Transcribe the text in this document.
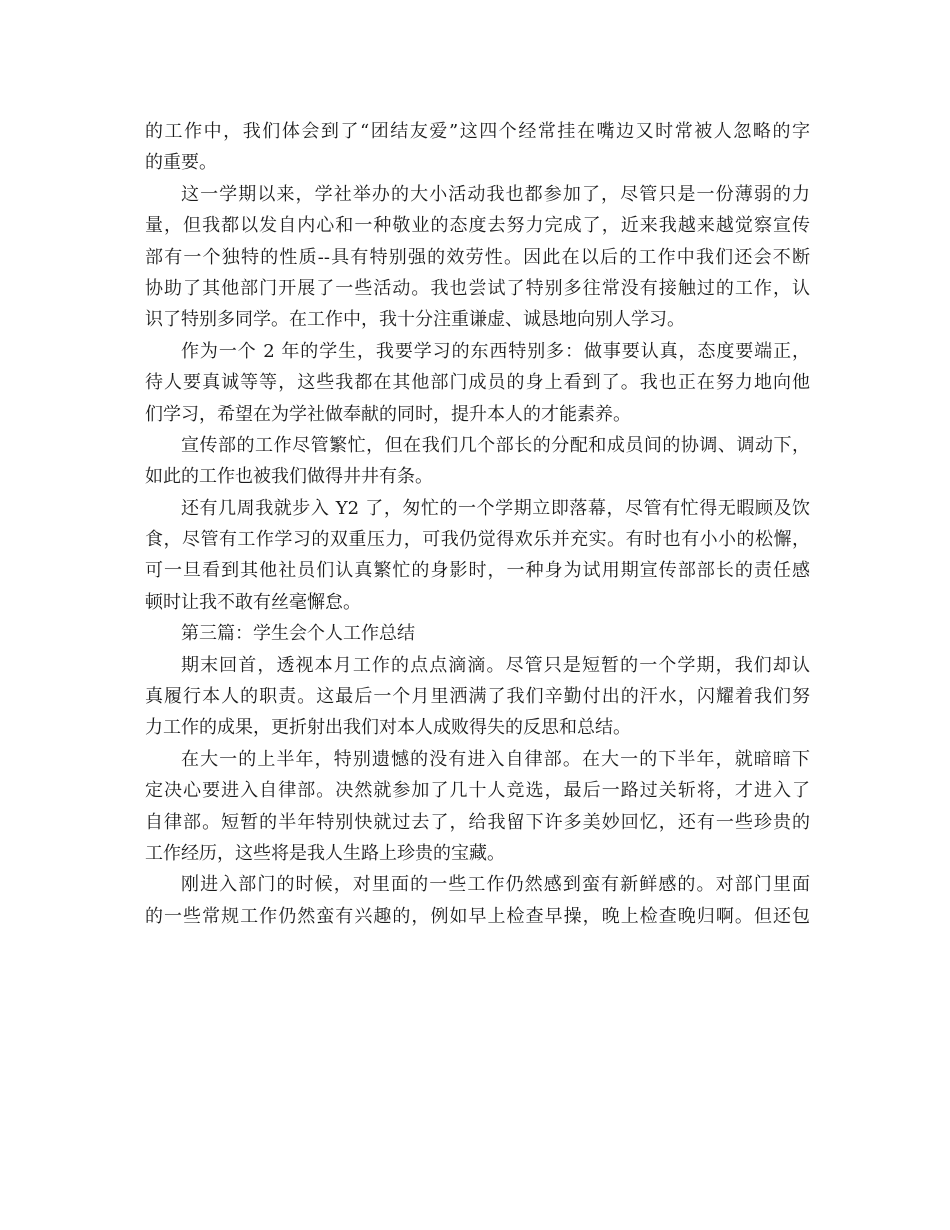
的工作中，我们体会到了“团结友爱”这四个经常挂在嘴边又时常被人忽略的字
的重要。
这一学期以来，学社举办的大小活动我也都参加了，尽管只是一份薄弱的力
量，但我都以发自内心和一种敬业的态度去努力完成了，近来我越来越觉察宣传
部有一个独特的性质--具有特别强的效劳性。因此在以后的工作中我们还会不断
协助了其他部门开展了一些活动。我也尝试了特别多往常没有接触过的工作，认
识了特别多同学。在工作中，我十分注重谦虚、诚恳地向别人学习。
作为一个 2 年的学生，我要学习的东西特别多：做事要认真，态度要端正，
待人要真诚等等，这些我都在其他部门成员的身上看到了。我也正在努力地向他
们学习，希望在为学社做奉献的同时，提升本人的才能素养。
宣传部的工作尽管繁忙，但在我们几个部长的分配和成员间的协调、调动下，
如此的工作也被我们做得井井有条。
还有几周我就步入 Y2 了，匆忙的一个学期立即落幕，尽管有忙得无暇顾及饮
食，尽管有工作学习的双重压力，可我仍觉得欢乐并充实。有时也有小小的松懈，
可一旦看到其他社员们认真繁忙的身影时，一种身为试用期宣传部部长的责任感
顿时让我不敢有丝毫懈怠。
第三篇：学生会个人工作总结
期末回首，透视本月工作的点点滴滴。尽管只是短暂的一个学期，我们却认
真履行本人的职责。这最后一个月里洒满了我们辛勤付出的汗水，闪耀着我们努
力工作的成果，更折射出我们对本人成败得失的反思和总结。
在大一的上半年，特别遗憾的没有进入自律部。在大一的下半年，就暗暗下
定决心要进入自律部。决然就参加了几十人竞选，最后一路过关斩将，才进入了
自律部。短暂的半年特别快就过去了，给我留下许多美妙回忆，还有一些珍贵的
工作经历，这些将是我人生路上珍贵的宝藏。
刚进入部门的时候，对里面的一些工作仍然感到蛮有新鲜感的。对部门里面
的一些常规工作仍然蛮有兴趣的，例如早上检查早操，晚上检查晚归啊。但还包
